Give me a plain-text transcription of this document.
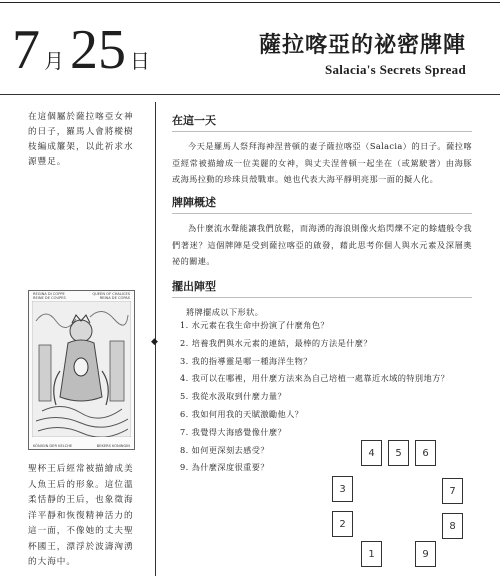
7 月 25 日
薩拉喀亞的祕密牌陣
Salacia's Secrets Spread
◆
在這個屬於薩拉喀亞女神的日子，羅馬人會將樅樹枝編成簾架，以此祈求水源豐足。
REGINA DI COPPE
REINE DE COUPES
QUEEN OF CHALICES
REINA DE COPAS
KÖNIGIN DER KELCHE	BEKERS KONINGIN
聖杯王后經常被描繪成美人魚王后的形象。這位溫柔恬靜的王后，也象徵海洋平靜和恢復精神活力的這一面，不像她的丈夫聖杯國王，漂浮於波濤洶湧的大海中。
在這一天

今天是羅馬人祭拜海神涅普頓的妻子薩拉喀亞（Salacia）的日子。薩拉喀亞經常被描繪成一位美麗的女神，與丈夫涅普頓一起坐在（或駕駛著）由海豚或海馬拉動的珍珠貝殼戰車。她也代表大海平靜明亮那一面的擬人化。

牌陣概述

為什麼流水聲能讓我們放鬆，而海湧的海浪則像火焰閃爍不定的餘燼般令我們著迷？這個牌陣是受到薩拉喀亞的啟發，藉此思考你個人與水元素及深層奧祕的關連。

擺出陣型

將牌擺成以下形狀。

1. 水元素在我生命中扮演了什麼角色？
2. 培養我們與水元素的連結，最棒的方法是什麼？
3. 我的指導靈是哪一種海洋生物？
4. 我可以在哪裡，用什麼方法來為自己培植一處靠近水域的特別地方？
5. 我從水汲取到什麼力量？
6. 我如何用我的天賦激勵他人？
7. 我覺得大海感覺像什麼？
8. 如何更深刻去感受？
9. 為什麼深度很重要？
4	5	6
3	7
2	8
1	9
